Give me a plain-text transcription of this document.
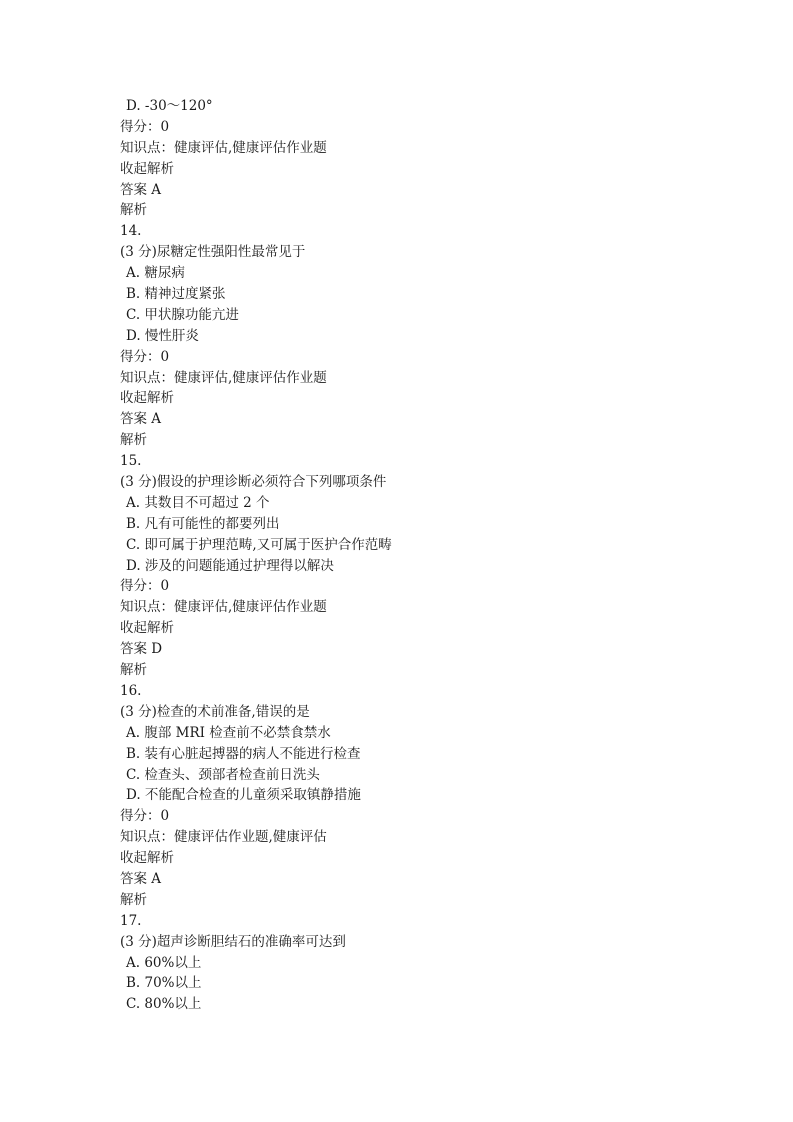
D. -30～120°
得分：0
知识点：健康评估,健康评估作业题
收起解析
答案 A
解析
14.
(3 分)尿糖定性强阳性最常见于
A. 糖尿病
B. 精神过度紧张
C. 甲状腺功能亢进
D. 慢性肝炎
得分：0
知识点：健康评估,健康评估作业题
收起解析
答案 A
解析
15.
(3 分)假设的护理诊断必须符合下列哪项条件
A. 其数目不可超过 2 个
B. 凡有可能性的都要列出
C. 即可属于护理范畴,又可属于医护合作范畴
D. 涉及的问题能通过护理得以解决
得分：0
知识点：健康评估,健康评估作业题
收起解析
答案 D
解析
16.
(3 分)检查的术前准备,错误的是
A. 腹部 MRI 检查前不必禁食禁水
B. 装有心脏起搏器的病人不能进行检查
C. 检查头、颈部者检查前日洗头
D. 不能配合检查的儿童须采取镇静措施
得分：0
知识点：健康评估作业题,健康评估
收起解析
答案 A
解析
17.
(3 分)超声诊断胆结石的准确率可达到
A. 60%以上
B. 70%以上
C. 80%以上
